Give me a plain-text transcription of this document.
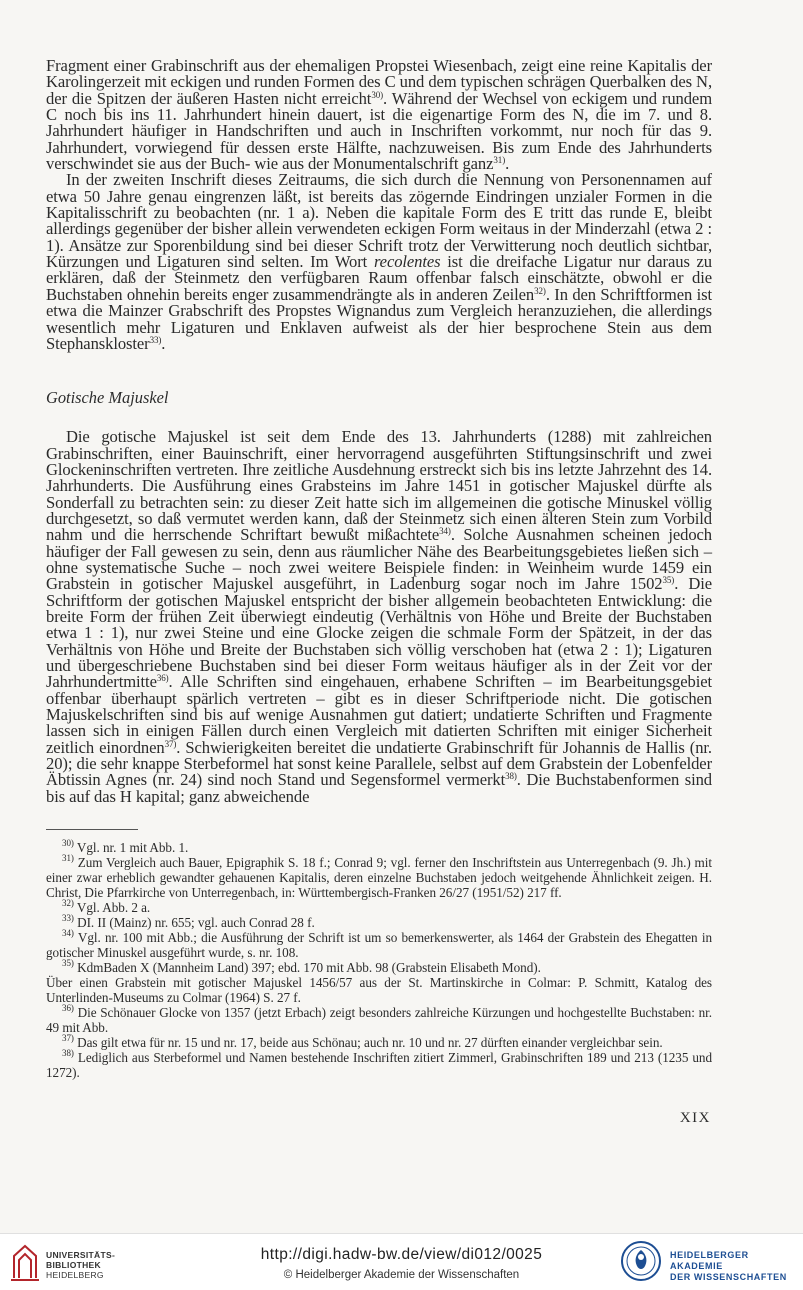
Fragment einer Grabinschrift aus der ehemaligen Propstei Wiesenbach, zeigt eine reine Kapitalis der Karolingerzeit mit eckigen und runden Formen des C und dem typischen schrägen Querbalken des N, der die Spitzen der äußeren Hasten nicht erreicht$^{30)}$. Während der Wechsel von eckigem und rundem C noch bis ins 11. Jahrhundert hinein dauert, ist die eigenartige Form des N, die im 7. und 8. Jahrhundert häufiger in Handschriften und auch in Inschriften vorkommt, nur noch für das 9. Jahrhundert, vorwiegend für dessen erste Hälfte, nachzuweisen. Bis zum Ende des Jahrhunderts verschwindet sie aus der Buch- wie aus der Monumentalschrift ganz$^{31)}$.

In der zweiten Inschrift dieses Zeitraums, die sich durch die Nennung von Personennamen auf etwa 50 Jahre genau eingrenzen läßt, ist bereits das zögernde Eindringen unzialer Formen in die Kapitalisschrift zu beobachten (nr. 1 a). Neben die kapitale Form des E tritt das runde E, bleibt allerdings gegenüber der bisher allein verwendeten eckigen Form weitaus in der Minderzahl (etwa 2 : 1). Ansätze zur Sporenbildung sind bei dieser Schrift trotz der Verwitterung noch deutlich sichtbar, Kürzungen und Ligaturen sind selten. Im Wort recolentes ist die dreifache Ligatur nur daraus zu erklären, daß der Steinmetz den verfügbaren Raum offenbar falsch einschätzte, obwohl er die Buchstaben ohnehin bereits enger zusammendrängte als in anderen Zeilen$^{32)}$. In den Schriftformen ist etwa die Mainzer Grabschrift des Propstes Wignandus zum Vergleich heranzuziehen, die allerdings wesentlich mehr Ligaturen und Enklaven aufweist als der hier besprochene Stein aus dem Stephanskloster$^{33)}$.

Gotische Majuskel

Die gotische Majuskel ist seit dem Ende des 13. Jahrhunderts (1288) mit zahlreichen Grabinschriften, einer Bauinschrift, einer hervorragend ausgeführten Stiftungsinschrift und zwei Glockeninschriften vertreten. Ihre zeitliche Ausdehnung erstreckt sich bis ins letzte Jahrzehnt des 14. Jahrhunderts. Die Ausführung eines Grabsteins im Jahre 1451 in gotischer Majuskel dürfte als Sonderfall zu betrachten sein: zu dieser Zeit hatte sich im allgemeinen die gotische Minuskel völlig durchgesetzt, so daß vermutet werden kann, daß der Steinmetz sich einen älteren Stein zum Vorbild nahm und die herrschende Schriftart bewußt mißachtete$^{34)}$. Solche Ausnahmen scheinen jedoch häufiger der Fall gewesen zu sein, denn aus räumlicher Nähe des Bearbeitungsgebietes ließen sich – ohne systematische Suche – noch zwei weitere Beispiele finden: in Weinheim wurde 1459 ein Grabstein in gotischer Majuskel ausgeführt, in Ladenburg sogar noch im Jahre 1502$^{35)}$. Die Schriftform der gotischen Majuskel entspricht der bisher allgemein beobachteten Entwicklung: die breite Form der frühen Zeit überwiegt eindeutig (Verhältnis von Höhe und Breite der Buchstaben etwa 1 : 1), nur zwei Steine und eine Glocke zeigen die schmale Form der Spätzeit, in der das Verhältnis von Höhe und Breite der Buchstaben sich völlig verschoben hat (etwa 2 : 1); Ligaturen und übergeschriebene Buchstaben sind bei dieser Form weitaus häufiger als in der Zeit vor der Jahrhundertmitte$^{36)}$. Alle Schriften sind eingehauen, erhabene Schriften – im Bearbeitungsgebiet offenbar überhaupt spärlich vertreten – gibt es in dieser Schriftperiode nicht. Die gotischen Majuskelschriften sind bis auf wenige Ausnahmen gut datiert; undatierte Schriften und Fragmente lassen sich in einigen Fällen durch einen Vergleich mit datierten Schriften mit einiger Sicherheit zeitlich einordnen$^{37)}$. Schwierigkeiten bereitet die undatierte Grabinschrift für Johannis de Hallis (nr. 20); die sehr knappe Sterbeformel hat sonst keine Parallele, selbst auf dem Grabstein der Lobenfelder Äbtissin Agnes (nr. 24) sind noch Stand und Segensformel vermerkt$^{38)}$. Die Buchstabenformen sind bis auf das H kapital; ganz abweichende

$^{30)}$ Vgl. nr. 1 mit Abb. 1.

$^{31)}$ Zum Vergleich auch Bauer, Epigraphik S. 18 f.; Conrad 9; vgl. ferner den Inschriftstein aus Unterregenbach (9. Jh.) mit einer zwar erheblich gewandter gehauenen Kapitalis, deren einzelne Buchstaben jedoch weitgehende Ähnlichkeit zeigen. H. Christ, Die Pfarrkirche von Unterregenbach, in: Württembergisch-Franken 26/27 (1951/52) 217 ff.

$^{32)}$ Vgl. Abb. 2 a.

$^{33)}$ DI. II (Mainz) nr. 655; vgl. auch Conrad 28 f.

$^{34)}$ Vgl. nr. 100 mit Abb.; die Ausführung der Schrift ist um so bemerkenswerter, als 1464 der Grabstein des Ehegatten in gotischer Minuskel ausgeführt wurde, s. nr. 108.

$^{35)}$ KdmBaden X (Mannheim Land) 397; ebd. 170 mit Abb. 98 (Grabstein Elisabeth Mond).

Über einen Grabstein mit gotischer Majuskel 1456/57 aus der St. Martinskirche in Colmar: P. Schmitt, Katalog des Unterlinden-Museums zu Colmar (1964) S. 27 f.

$^{36)}$ Die Schönauer Glocke von 1357 (jetzt Erbach) zeigt besonders zahlreiche Kürzungen und hochgestellte Buchstaben: nr. 49 mit Abb.

$^{37)}$ Das gilt etwa für nr. 15 und nr. 17, beide aus Schönau; auch nr. 10 und nr. 27 dürften einander vergleichbar sein.

$^{38)}$ Lediglich aus Sterbeformel und Namen bestehende Inschriften zitiert Zimmerl, Grabinschriften 189 und 213 (1235 und 1272).

XIX
UNIVERSITÄTS-
BIBLIOTHEK
HEIDELBERG
http://digi.hadw-bw.de/view/di012/0025
© Heidelberger Akademie der Wissenschaften
HEIDELBERGER AKADEMIE
DER WISSENSCHAFTEN
